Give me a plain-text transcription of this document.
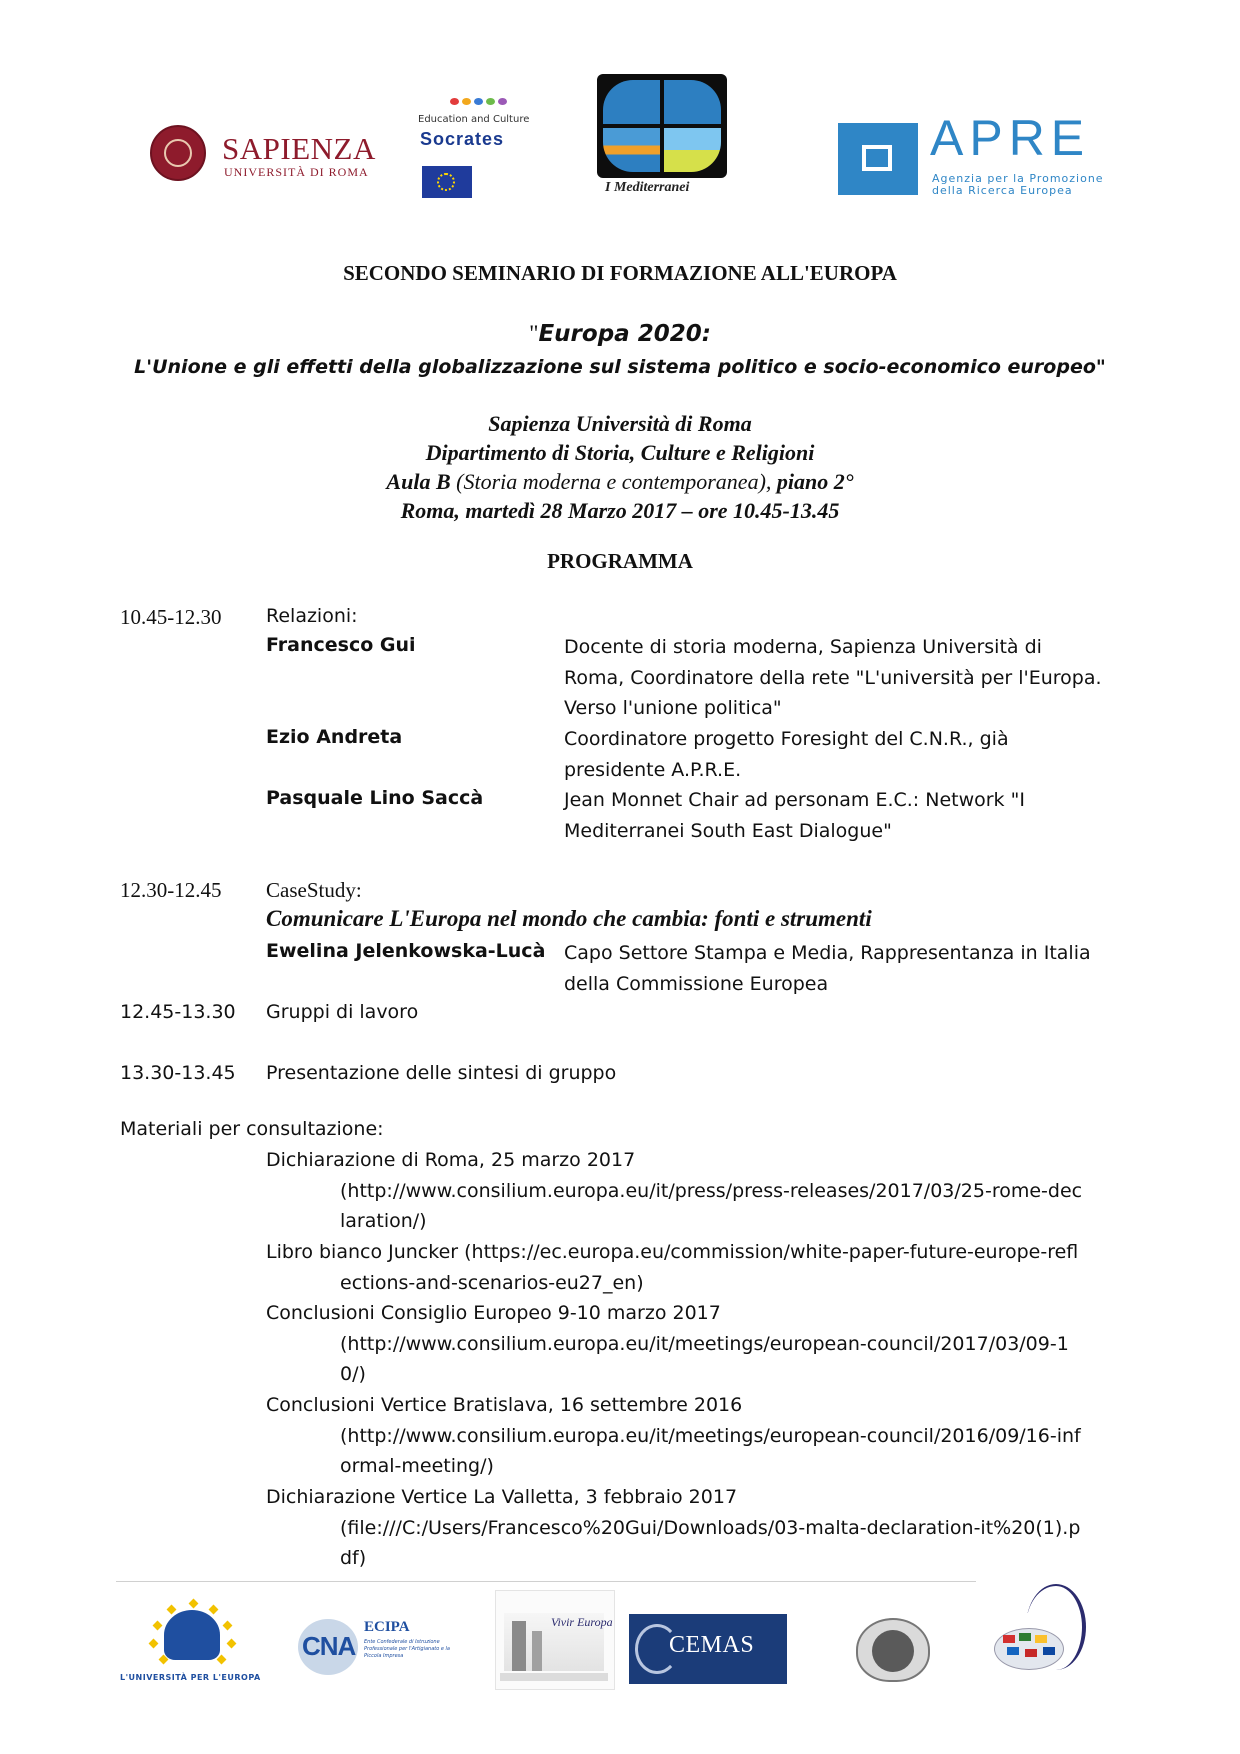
SAPIENZA
UNIVERSITÀ DI ROMA
Education and Culture
Socrates
I Mediterranei
APRE
Agenzia per la Promozione
della Ricerca Europea
SECONDO SEMINARIO DI FORMAZIONE ALL'EUROPA
"Europa 2020:
L'Unione e gli effetti della globalizzazione sul sistema politico e socio-economico europeo"
Sapienza Università di Roma
Dipartimento di Storia, Culture e Religioni
Aula B (Storia moderna e contemporanea), piano 2°
Roma, martedì 28 Marzo 2017 – ore 10.45-13.45
PROGRAMMA
10.45-12.30 Relazioni:
Francesco Gui	Docente di storia moderna, Sapienza Università di Roma, Coordinatore della rete "L'università per l'Europa. Verso l'unione politica"
Ezio Andreta	Coordinatore progetto Foresight del C.N.R., già presidente A.P.R.E.
Pasquale Lino Saccà	Jean Monnet Chair ad personam E.C.: Network "I Mediterranei South East Dialogue"
12.30-12.45 CaseStudy:
Comunicare L'Europa nel mondo che cambia: fonti e strumenti
Ewelina Jelenkowska-Lucà Capo Settore Stampa e Media, Rappresentanza in Italia della Commissione Europea
12.45-13.30 Gruppi di lavoro
13.30-13.45 Presentazione delle sintesi di gruppo
Materiali per consultazione:
Dichiarazione di Roma, 25 marzo 2017
(http://www.consilium.europa.eu/it/press/press-releases/2017/03/25-rome-declaration/)
Libro bianco Juncker (https://ec.europa.eu/commission/white-paper-future-europe-reflections-and-scenarios-eu27_en)
Conclusioni Consiglio Europeo 9-10 marzo 2017
(http://www.consilium.europa.eu/it/meetings/european-council/2017/03/09-10/)
Conclusioni Vertice Bratislava, 16 settembre 2016
(http://www.consilium.europa.eu/it/meetings/european-council/2016/09/16-informal-meeting/)
Dichiarazione Vertice La Valletta, 3 febbraio 2017
(file:///C:/Users/Francesco%20Gui/Downloads/03-malta-declaration-it%20(1).pdf)
L'UNIVERSITÀ PER L'EUROPA
CNA
ECIPA
Ente Confederale di Istruzione Professionale per l'Artigianato e la Piccola Impresa
Vivir Europa
CEMAS
